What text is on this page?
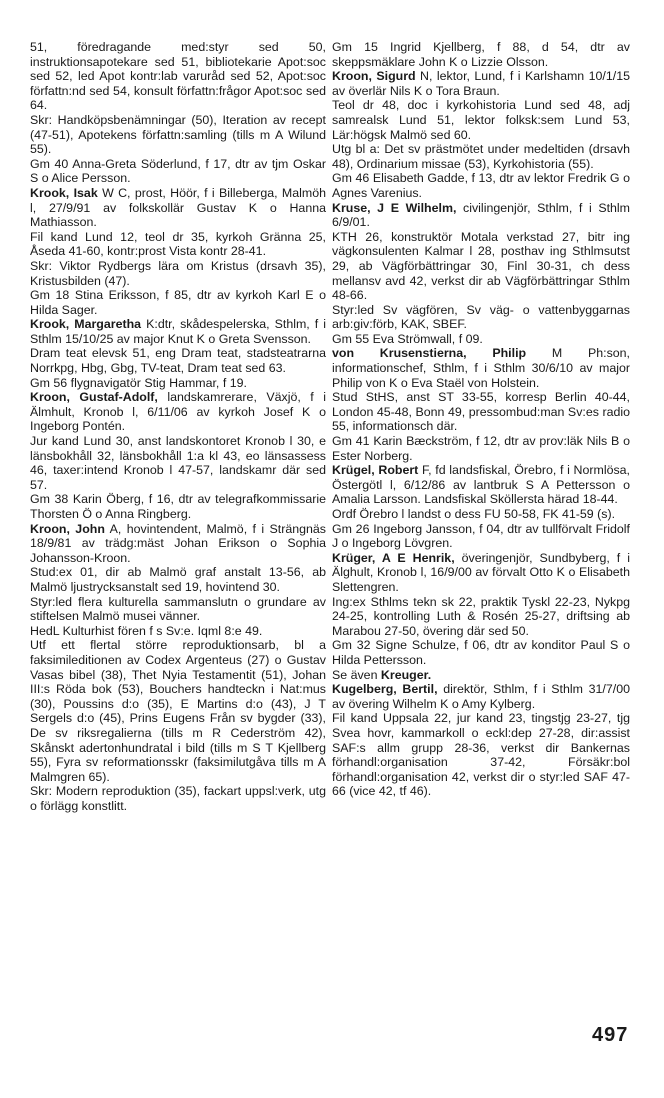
51, föredragande med:styr sed 50, instruktionsapotekare sed 51, bibliotekarie Apot:soc sed 52, led Apot kontr:lab varuråd sed 52, Apot:soc författn:nd sed 54, konsult författn:frågor Apot:soc sed 64.

Skr: Handköpsbenämningar (50), Iteration av recept (47-51), Apotekens författn:samling (tills m A Wilund 55).

Gm 40 Anna-Greta Söderlund, f 17, dtr av tjm Oskar S o Alice Persson.

Krook, Isak W C, prost, Höör, f i Billeberga, Malmöh l, 27/9/91 av folkskollär Gustav K o Hanna Mathiasson.

Fil kand Lund 12, teol dr 35, kyrkoh Gränna 25, Åseda 41-60, kontr:prost Vista kontr 28-41.

Skr: Viktor Rydbergs lära om Kristus (drsavh 35), Kristusbilden (47).

Gm 18 Stina Eriksson, f 85, dtr av kyrkoh Karl E o Hilda Sager.

Krook, Margaretha K:dtr, skådespelerska, Sthlm, f i Sthlm 15/10/25 av major Knut K o Greta Svensson.

Dram teat elevsk 51, eng Dram teat, stadsteatrarna Norrkpg, Hbg, Gbg, TV-teat, Dram teat sed 63.

Gm 56 flygnavigatör Stig Hammar, f 19.

Kroon, Gustaf-Adolf, landskamrerare, Växjö, f i Älmhult, Kronob l, 6/11/06 av kyrkoh Josef K o Ingeborg Pontén.

Jur kand Lund 30, anst landskontoret Kronob l 30, e länsbokhåll 32, länsbokhåll 1:a kl 43, eo länsassess 46, taxer:intend Kronob l 47-57, landskamr där sed 57.

Gm 38 Karin Öberg, f 16, dtr av telegrafkommissarie Thorsten Ö o Anna Ringberg.

Kroon, John A, hovintendent, Malmö, f i Strängnäs 18/9/81 av trädg:mäst Johan Erikson o Sophia Johansson-Kroon.

Stud:ex 01, dir ab Malmö graf anstalt 13-56, ab Malmö ljustrycksanstalt sed 19, hovintend 30.

Styr:led flera kulturella sammanslutn o grundare av stiftelsen Malmö musei vänner.

HedL Kulturhist fören f s Sv:e. Iqml 8:e 49.

Utf ett flertal större reproduktionsarb, bl a faksimileditionen av Codex Argenteus (27) o Gustav Vasas bibel (38), Thet Nyia Testamentit (51), Johan III:s Röda bok (53), Bouchers handteckn i Nat:mus (30), Poussins d:o (35), E Martins d:o (43), J T Sergels d:o (45), Prins Eugens Från sv bygder (33), De sv riksregalierna (tills m R Cederström 42), Skånskt adertonhundratal i bild (tills m S T Kjellberg 55), Fyra sv reformationsskr (faksimilutgåva tills m A Malmgren 65).

Skr: Modern reproduktion (35), fackart uppsl:verk, utg o förlägg konstlitt.

Gm 15 Ingrid Kjellberg, f 88, d 54, dtr av skeppsmäklare John K o Lizzie Olsson.

Kroon, Sigurd N, lektor, Lund, f i Karlshamn 10/1/15 av överlär Nils K o Tora Braun.

Teol dr 48, doc i kyrkohistoria Lund sed 48, adj samrealsk Lund 51, lektor folksk:sem Lund 53, Lär:högsk Malmö sed 60.

Utg bl a: Det sv prästmötet under medeltiden (drsavh 48), Ordinarium missae (53), Kyrkohistoria (55).

Gm 46 Elisabeth Gadde, f 13, dtr av lektor Fredrik G o Agnes Varenius.

Kruse, J E Wilhelm, civilingenjör, Sthlm, f i Sthlm 6/9/01.

KTH 26, konstruktör Motala verkstad 27, bitr ing vägkonsulenten Kalmar l 28, posthav ing Sthlmsutst 29, ab Vägförbättringar 30, Finl 30-31, ch dess mellansv avd 42, verkst dir ab Vägförbättringar Sthlm 48-66.

Styr:led Sv vägfören, Sv väg- o vattenbyggarnas arb:giv:förb, KAK, SBEF.

Gm 55 Eva Strömwall, f 09.

von Krusenstierna, Philip M Ph:son, informationschef, Sthlm, f i Sthlm 30/6/10 av major Philip von K o Eva Staël von Holstein.

Stud StHS, anst ST 33-55, korresp Berlin 40-44, London 45-48, Bonn 49, pressombud:man Sv:es radio 55, informationsch där.

Gm 41 Karin Bæckström, f 12, dtr av prov:läk Nils B o Ester Norberg.

Krügel, Robert F, fd landsfiskal, Örebro, f i Normlösa, Östergötl l, 6/12/86 av lantbruk S A Pettersson o Amalia Larsson. Landsfiskal Sköllersta härad 18-44.

Ordf Örebro l landst o dess FU 50-58, FK 41-59 (s).

Gm 26 Ingeborg Jansson, f 04, dtr av tullförvalt Fridolf J o Ingeborg Lövgren.

Krüger, A E Henrik, överingenjör, Sundbyberg, f i Älghult, Kronob l, 16/9/00 av förvalt Otto K o Elisabeth Slettengren.

Ing:ex Sthlms tekn sk 22, praktik Tyskl 22-23, Nykpg 24-25, kontrolling Luth & Rosén 25-27, driftsing ab Marabou 27-50, övering där sed 50.

Gm 32 Signe Schulze, f 06, dtr av konditor Paul S o Hilda Pettersson.

Se även Kreuger.

Kugelberg, Bertil, direktör, Sthlm, f i Sthlm 31/7/00 av övering Wilhelm K o Amy Kylberg.

Fil kand Uppsala 22, jur kand 23, tingstjg 23-27, tjg Svea hovr, kammarkoll o eckl:dep 27-28, dir:assist SAF:s allm grupp 28-36, verkst dir Bankernas förhandl:organisation 37-42, Försäkr:bol förhandl:organisation 42, verkst dir o styr:led SAF 47-66 (vice 42, tf 46).

497
